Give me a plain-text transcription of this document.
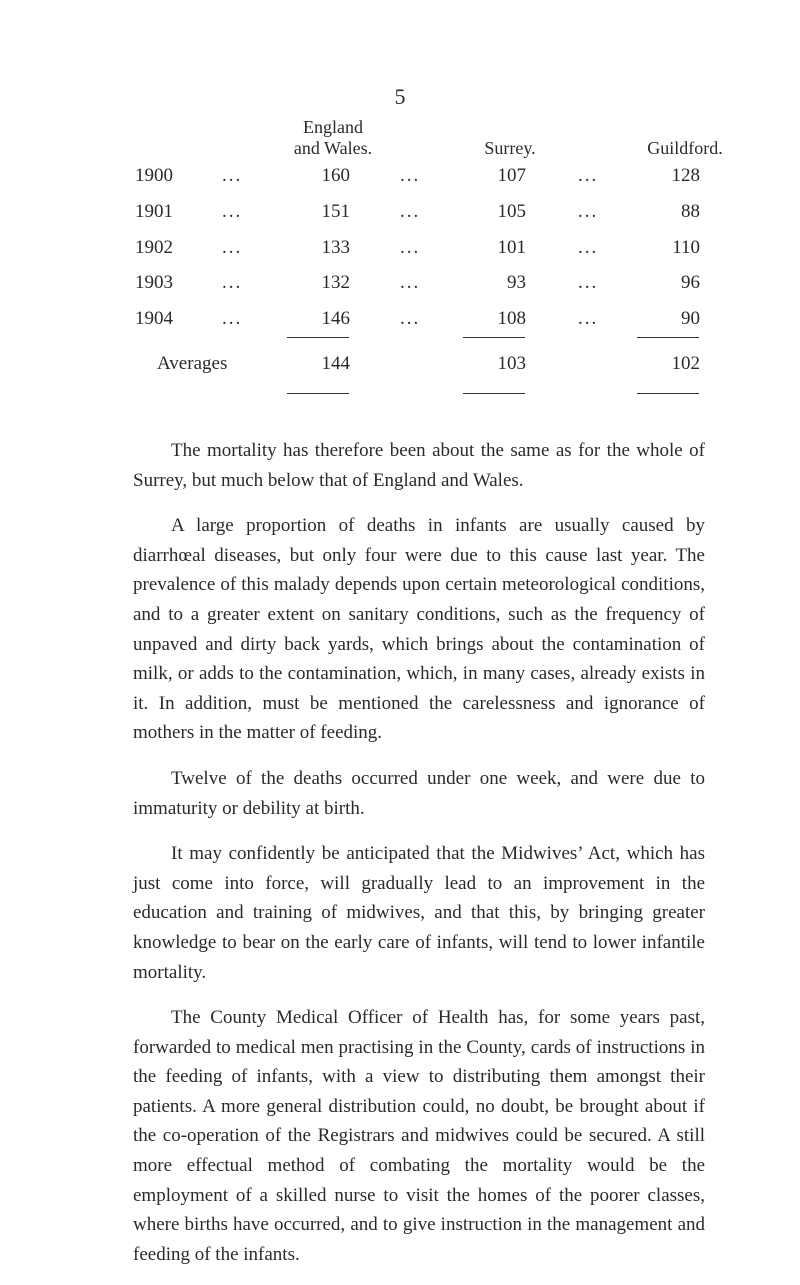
5
England
and Wales.	Surrey.	Guildford.
1900	...	160	...	107	...	128
1901	...	151	...	105	...	88
1902	...	133	...	101	...	110
1903	...	132	...	93	...	96
1904	...	146	...	108	...	90
Averages	144	103	102

The mortality has therefore been about the same as for the whole of Surrey, but much below that of England and Wales.

A large proportion of deaths in infants are usually caused by diarrhœal diseases, but only four were due to this cause last year. The prevalence of this malady depends upon certain meteorological conditions, and to a greater extent on sanitary conditions, such as the frequency of unpaved and dirty back yards, which brings about the contamination of milk, or adds to the contamination, which, in many cases, already exists in it. In addition, must be mentioned the carelessness and ignorance of mothers in the matter of feeding.

Twelve of the deaths occurred under one week, and were due to immaturity or debility at birth.

It may confidently be anticipated that the Midwives’ Act, which has just come into force, will gradually lead to an improvement in the education and training of midwives, and that this, by bringing greater knowledge to bear on the early care of infants, will tend to lower infantile mortality.

The County Medical Officer of Health has, for some years past, forwarded to medical men practising in the County, cards of instructions in the feeding of infants, with a view to distributing them amongst their patients. A more general distribution could, no doubt, be brought about if the co-operation of the Registrars and midwives could be secured. A still more effectual method of combating the mortality would be the employment of a skilled nurse to visit the homes of the poorer classes, where births have occurred, and to give instruction in the management and feeding of the infants.
